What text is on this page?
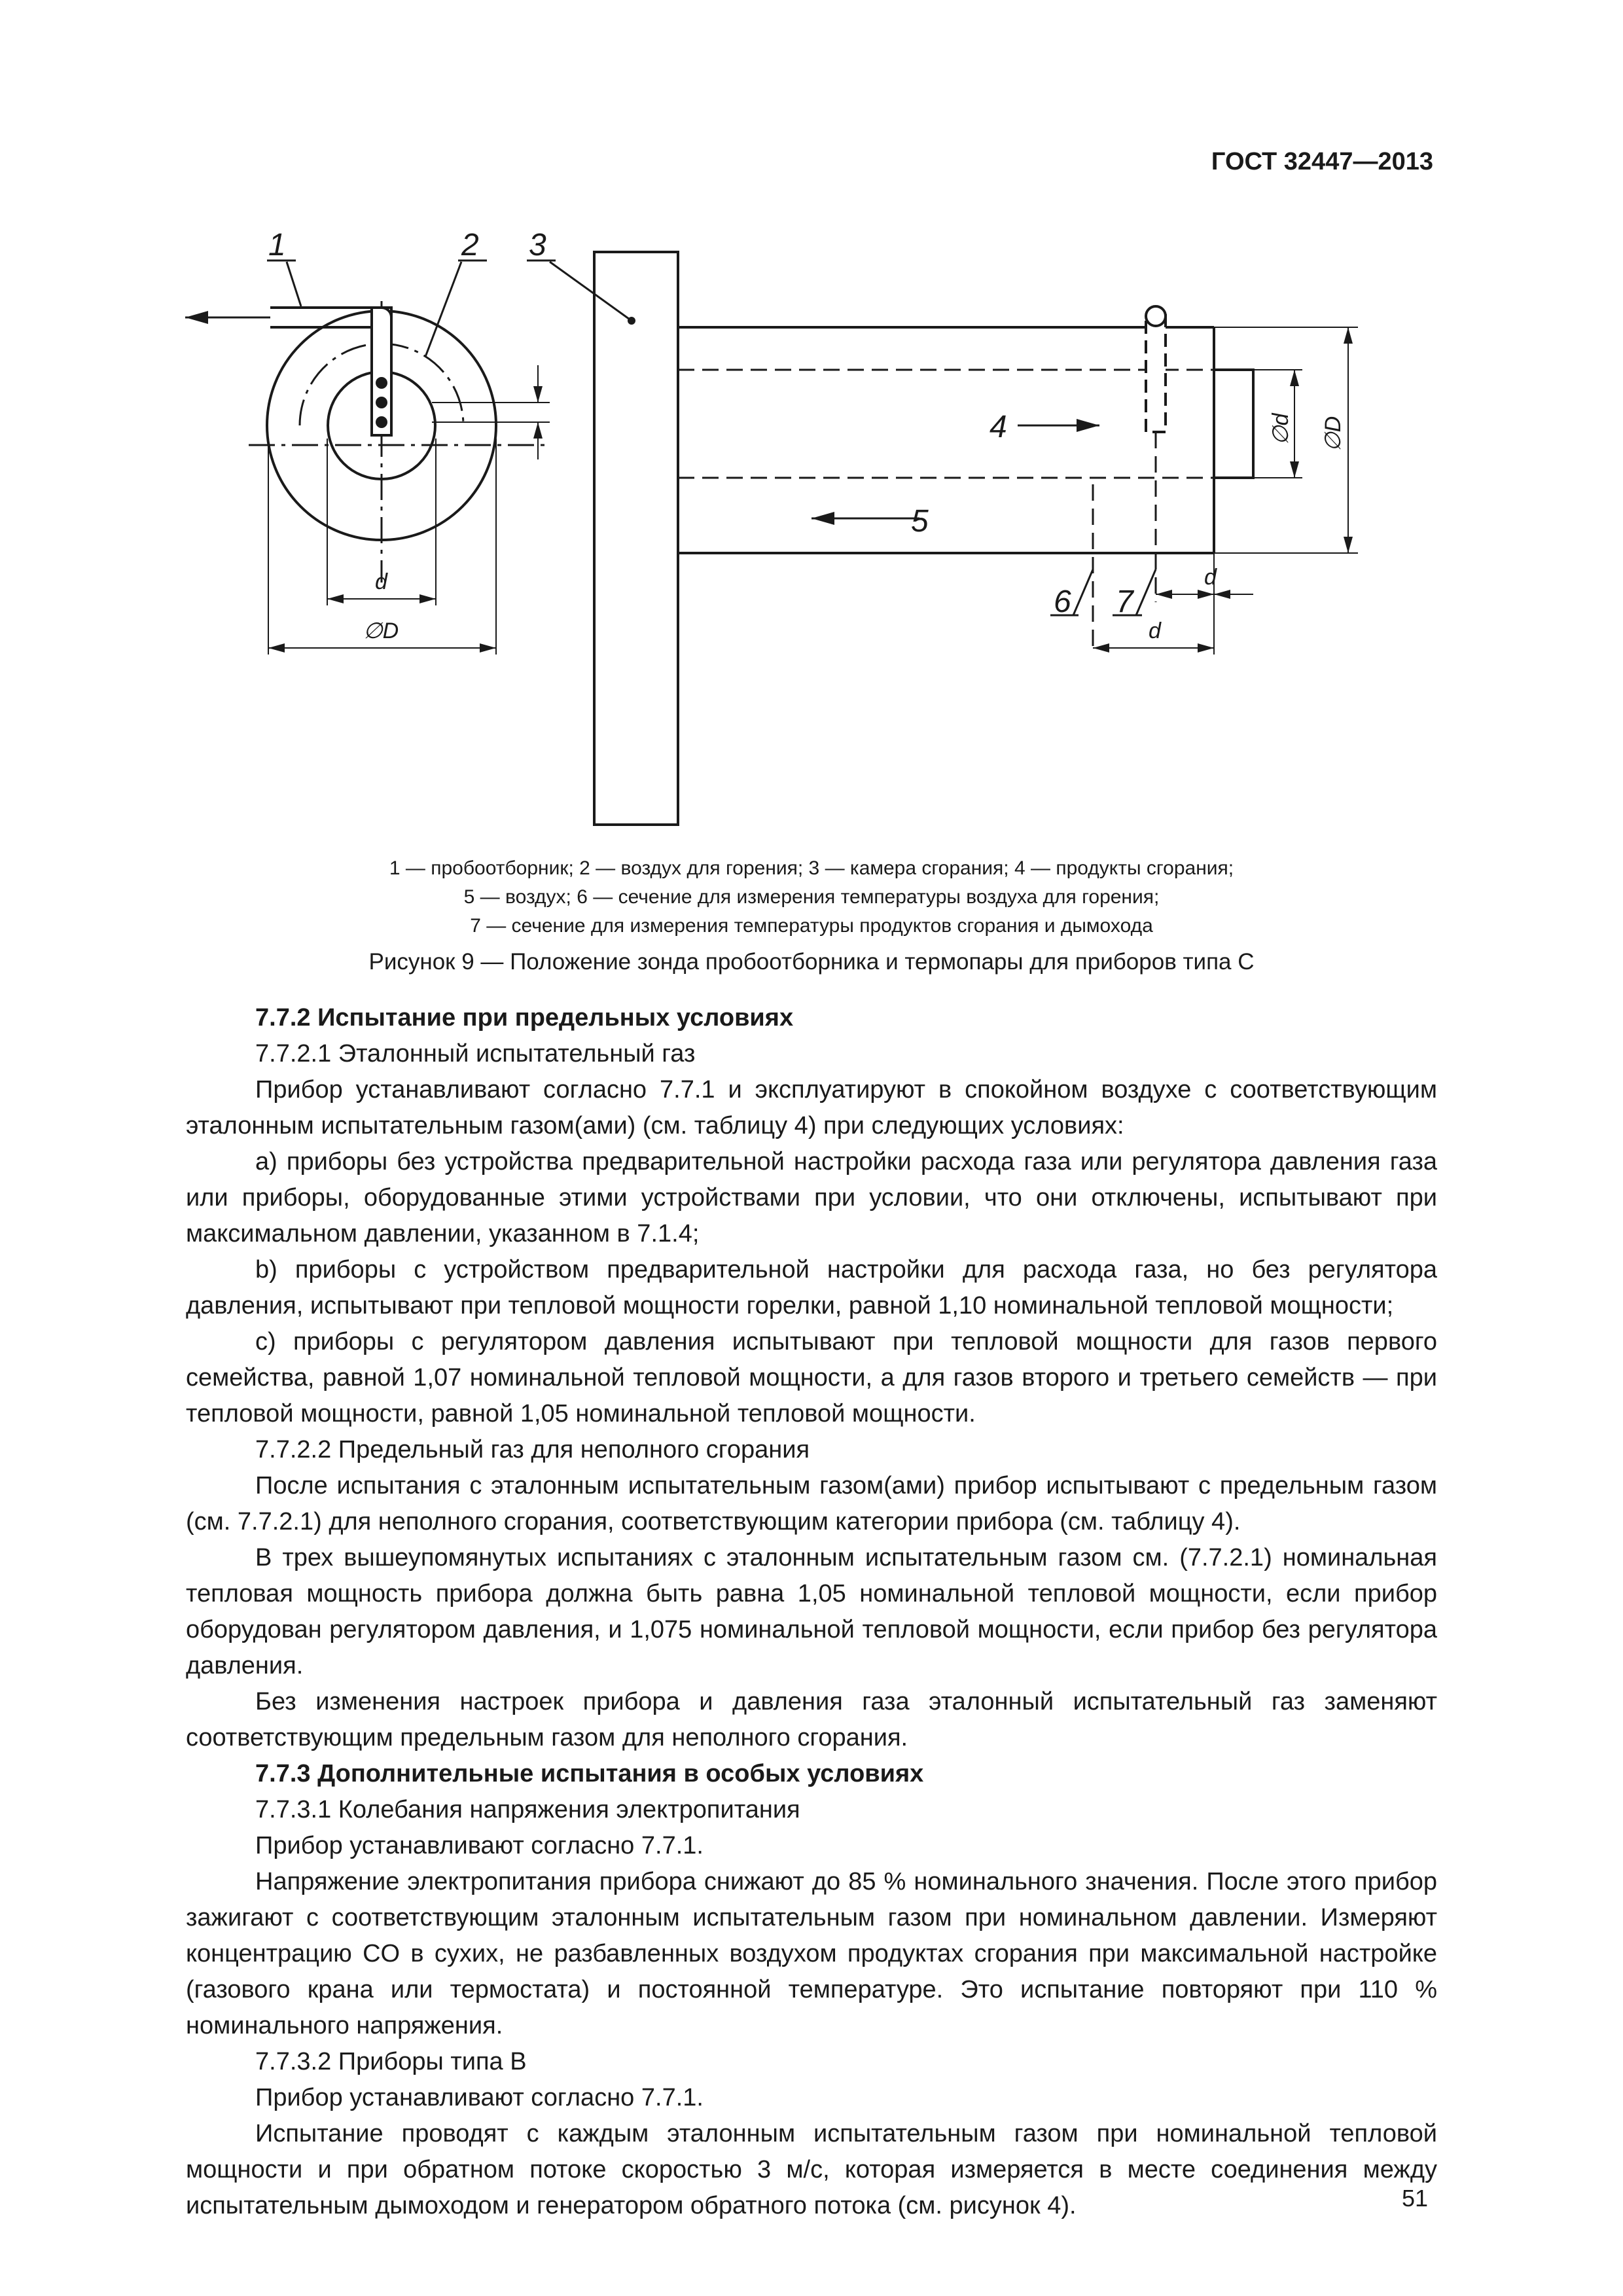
ГОСТ 32447—2013
1	2 3
4
5
6 7
d
∅D
d
d
∅d ∅D
1 — пробоотборник; 2 — воздух для горения; 3 — камера сгорания; 4 — продукты сгорания;
5 — воздух; 6 — сечение для измерения температуры воздуха для горения;
7 — сечение для измерения температуры продуктов сгорания и дымохода
Рисунок 9 — Положение зонда пробоотборника и термопары для приборов типа С

7.7.2 Испытание при предельных условиях

7.7.2.1 Эталонный испытательный газ

Прибор устанавливают согласно 7.7.1 и эксплуатируют в спокойном воздухе с соответствующим эталонным испытательным газом(ами) (см. таблицу 4) при следующих условиях:

a) приборы без устройства предварительной настройки расхода газа или регулятора давления газа или приборы, оборудованные этими устройствами при условии, что они отключены, испытывают при максимальном давлении, указанном в 7.1.4;

b) приборы с устройством предварительной настройки для расхода газа, но без регулятора давления, испытывают при тепловой мощности горелки, равной 1,10 номинальной тепловой мощности;

c) приборы с регулятором давления испытывают при тепловой мощности для газов первого семейства, равной 1,07 номинальной тепловой мощности, а для газов второго и третьего семейств — при тепловой мощности, равной 1,05 номинальной тепловой мощности.

7.7.2.2 Предельный газ для неполного сгорания

После испытания с эталонным испытательным газом(ами) прибор испытывают с предельным газом (см. 7.7.2.1) для неполного сгорания, соответствующим категории прибора (см. таблицу 4).

В трех вышеупомянутых испытаниях с эталонным испытательным газом см. (7.7.2.1) номинальная тепловая мощность прибора должна быть равна 1,05 номинальной тепловой мощности, если прибор оборудован регулятором давления, и 1,075 номинальной тепловой мощности, если прибор без регулятора давления.

Без изменения настроек прибора и давления газа эталонный испытательный газ заменяют соответствующим предельным газом для неполного сгорания.

7.7.3 Дополнительные испытания в особых условиях

7.7.3.1 Колебания напряжения электропитания

Прибор устанавливают согласно 7.7.1.

Напряжение электропитания прибора снижают до 85 % номинального значения. После этого прибор зажигают с соответствующим эталонным испытательным газом при номинальном давлении. Измеряют концентрацию CO в сухих, не разбавленных воздухом продуктах сгорания при максимальной настройке (газового крана или термостата) и постоянной температуре. Это испытание повторяют при 110 % номинального напряжения.

7.7.3.2 Приборы типа B

Прибор устанавливают согласно 7.7.1.

Испытание проводят с каждым эталонным испытательным газом при номинальной тепловой мощности и при обратном потоке скоростью 3 м/с, которая измеряется в месте соединения между испытательным дымоходом и генератором обратного потока (см. рисунок 4).	51
